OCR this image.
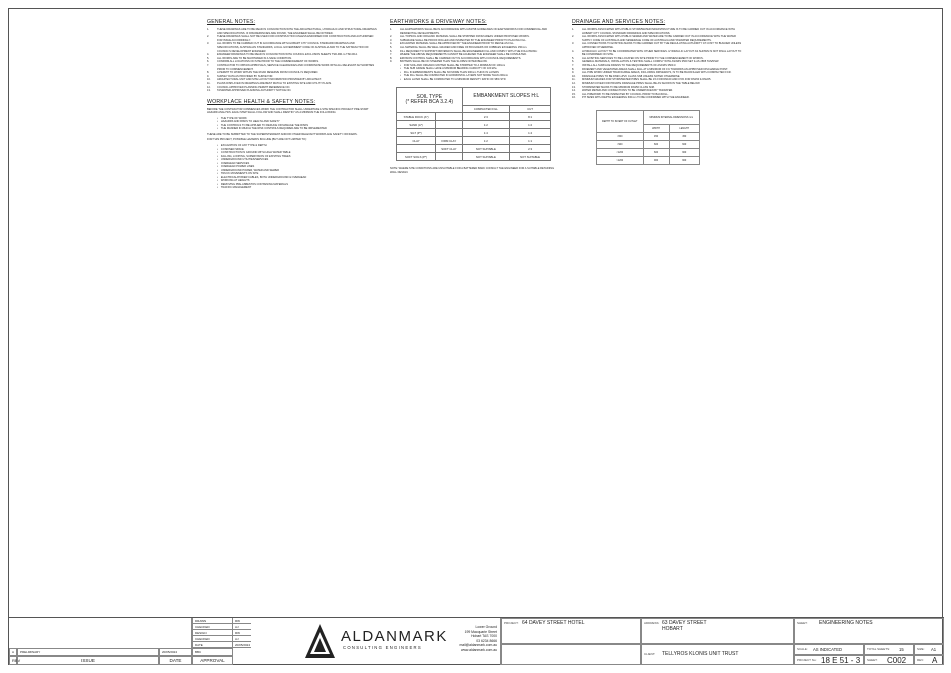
GENERAL NOTES:
1.	THESE DRAWINGS ARE TO BE READ IN CONJUNCTION WITH THE ARCHITECTURAL, HYDRAULIC AND STRUCTURAL DRAWINGS AND SPECIFICATIONS. IF DISCREPANCIES ARE FOUND, THE ENGINEER SHALL BE NOTIFIED.
2.	THESE DRAWINGS SHALL NOT BE USED FOR CONSTRUCTION UNLESS ENDORSED FOR CONSTRUCTION AND AUTHORISED FOR ISSUE ACCORDINGLY.
3.	ALL WORKS TO BE CARRIED OUT IN ACCORDANCE WITH HOBART CITY COUNCIL STANDARD DRAWINGS AND SPECIFICATIONS, AUSTRALIAN STANDARDS, LOCAL GOVERNMENT CODE OF AUSTRALIA AND TO THE SATISFACTION OF COUNCIL'S DEVELOPMENT ENGINEER.
4.	ENGINEER DRAWINGS TO BE READ IN CONJUNCTION WITH COUNCIL EXCLUSION SHEETS TSD-R01 to TSD-R14.
5.	ALL WORKS ARE TO BE MAINTAINED IN A SAFE CONDITION.
6.	CONFIRM ALL LOCATIONS ON SITE PRIOR TO THE COMMENCEMENT OF WORKS.
7.	CONTRACTOR TO OBTAIN APPROVALS, SERVICE CLEARANCES AND COORDINATE WORK WITH ALL RELEVANT AUTHORITIES PRIOR TO COMMENCEMENT.
8.	A PERMIT TO WORK WITHIN THE ROAD RESERVE FROM COUNCIL IS REQUIRED.
9.	SURVEY DATA AS PROVIDED BY SURVEYOR.
10.	ARCHITECTURAL UNIT AND SITE LAYOUT INFORMATION PROVIDED BY ARCHITECT.
11.	PLANS DISPLAYED IN DRAWINGS ARE BEST MATCH TO EXISTING SITE AND UTILITY PLANS.
12.	COUNCIL APPROVED PLANNING PERMIT REFERENCE NO.
13.	TASWATER APPROVED PLANNING AUTHORITY NOTICE NO.
WORKPLACE HEALTH & SAFETY NOTES:

BEFORE THE CONTRACTOR COMMENCES WORK THE CONTRACTOR SHALL UNDERTAKE A SITE SPECIFIC PROJECT PRE-START HAZARD ANALYSIS. EACH STEP SHALL FOLLOW AND SHALL IDENTIFY AS A MINIMUM THE FOLLOWING:

• THE TYPE OF WORK
• HAZARDS AND RISKS TO HEALTH AND SAFETY
• THE CONTROLS TO BE APPLIED TO REDUCE OR MANAGE THE RISKS
• THE MANNER IN WHICH THE RISK CONTROLS REQUIRED ARE TO BE IMPLEMENTED

THESE ARE TO BE SUBMITTED TO THE SUPERINTENDENT AND/OR OTHER RELEVANT WORKPLACE SAFETY OFFICERS.

FOR THIS PROJECT, POSSIBLE HAZARDS INCLUDE (BUT ARE NOT LIMITED TO):

• EXCAVATION OF ANY TYPE & DEPTH
• CONFINED SPACE
• CONSTRUCTION IN GROUND WITH HIGH WATER TABLE
• FALLING, LOOPING, SUPERVISION OF EXISTING TREES
• UNDERGROUND UTILITIES/SERVICES
• OVERHEAD SERVICES
• OVERHEAD POWER LINES
• UNDERGROUND POWER, WATER AND SEWER
• TRUCK MOVEMENTS ON SITE
• ELECTRICAL/POWER CABLES, BOTH UNDERGROUND & OVERHEAD
• WORKING AT HEIGHTS
• REMOVING PRE-ASBESTOS CONTAINING MATERIALS
• TRAFFIC MANAGEMENT
EARTHWORKS & DRIVEWAY NOTES:
1.	ALL EARTHWORKS SHALL BE IN ACCORDANCE WITH AS3798 GUIDELINES ON EARTHWORKS FOR COMMERCIAL AND RESIDENTIAL DEVELOPMENTS.
2.	ALL TOPSOIL AND ORGANIC MATERIAL SHALL BE STRIPPED FROM AREAS UNDER PROPOSED WORKS.
3.	SUBGRADE SHALL BE PROOF ROLLED AND INSPECTED BY THE ENGINEER PRIOR TO PLACING FILL.
4.	EXCAVATED MATERIAL SHALL BE APPROVED BY THE ENGINEER PRIOR TO REUSE AS FILL.
5.	ALL MATERIAL SHALL BE WELL GRADED AND FREE OF BOULDERS OR COBBLES EXCEEDING 150mm.
6.	FILL REQUIRED TO SUPPORT DRIVEWAYS SHALL BE ENGINEERED FILL AND COMPLY WITH THE FOLLOWING:
7.	WHERE THE ABOVE REQUIREMENTS CANNOT BE ACHIEVED THE ENGINEER SHALL BE CONSULTED.
8.	EROSION CONTROL SHALL BE CARRIED OUT IN ACCORDANCE WITH COUNCIL REQUIREMENTS.
9.	BATTERS SHALL BE NO STEEPER THAN THE SLOPES NOTED BELOW.
• FOR SOIL AND ORGANIC MATTER SHALL BE STRIPPED TO A MINIMUM OF 100mm
• THE SUB GRADE SHALL HAVE A MINIMUM BEARING CAPACITY OF 100 kPa
• FILL IN EMBANKMENTS SHALL BE NO MORE THAN 300mm THICK IN LAYERS
• THE FILL SHALL BE COMPACTED IN HORIZONTAL LAYERS NOT MORE THAN 200mm
• EACH LAYER SHALL BE COMPACTED TO A MINIMUM DENSITY RATIO OF 98% STD
SOIL TYPE
(* REFER BCA 3.2.4)		EMBANKMENT SLOPES H:L	
		COMPACTED FILL	CUT
STABLE ROCK (A*)		2:3	8:1
SAND (A*)		1:2	1:2
SILT (P*)		1:4	1:4
CLAY	FIRM CLAY	1:2	1:1
	SOFT CLAY	NOT SUITABLE	2:3
SOFT SOILS (P*)		NOT SUITABLE	NOT SUITABLE

NOTE: WHERE SITE CONDITIONS ARE UNSUITABLE FOR A BATTERED BANK CONSULT THE ENGINEER FOR A SUITABLE RETAINING WALL DESIGN.

DRAINAGE AND SERVICES NOTES:
1.	ALL WORKS ASSOCIATED WITH PUBLIC STORMWATER INFRASTRUCTURE IS TO BE CARRIED OUT IN ACCORDANCE WITH HOBART CITY COUNCIL STANDARD DRAWINGS AND SPECIFICATIONS.
2.	ALL WORKS ASSOCIATED WITH PUBLIC SEWER AND WATER ARE TO BE CARRIED OUT IN ACCORDANCE WITH THE WATER SUPPLY CODE OF AUSTRALIA AND SEWERAGE CODE OF AUSTRALIA AND TASWATER REQUIREMENTS.
3.	ALL CONNECTIONS TO EXISTING MAINS TO BE CARRIED OUT BY THE REGULATING AUTHORITY AT COST TO BUILDER UNLESS APPROVED OTHERWISE.
4.	HYDRAULIC LAYOUT TO BE COORDINATED WITH OTHER SERVICES. HYDRAULIC LAYOUT AS SHOWN IS NOT FINAL LAYOUT TO BE CONFIRMED ON SITE.
5.	ALL EXISTING SERVICES TO BE LOCATED ON SITE PRIOR TO THE COMMENCEMENT OF WORKS.
6.	GENERAL MATERIALS, INSTALLATION & TESTING SHALL COMPLY WITH AS/NZS 3500 SET & AS 2865 TAS/NSW.
7.	INSTALL ALL SURFACE DRAINS TO THE REQUIREMENTS OF AS/NZS 3500.3.
8.	PAVEMENT AND VEGETATED AREAS SHALL FALL AT A MINIMUM OF 1% TOWARDS AN APPROVED DISCHARGE POINT.
9.	ALL PIPE WORK UNDER TRAFFICABLE AREAS, INCLUDING DRIVEWAYS, IS TO BE BACKFILLED WITH COMPACTED FCR.
10.	DRAINAGE PIPES TO BE DN90 uPVC CLASS SN8 UNLESS NOTED OTHERWISE.
11.	MINIMUM GRADES FOR STORMWATER PIPES SHALL BE 1% FOR DN100 AND 0.5% FOR DN150 & DN225.
12.	MINIMUM COVER FOR PRIVATE DRAINAGE PIPES SHALL BE AS SHOWN IN THE TABLE BELOW.
13.	STORMWATER MAINS TO BE MINIMUM DN150 CLASS SN8.
14.	WATER METER AND CONNECTIONS TO BE UNDERTAKEN BY TASWATER.
15.	ALL PIPEWORK TO BE INSPECTED BY COUNCIL PRIOR TO BACKFILL.
16.	PIT SIZES WITH DEPTH EXCEEDING 600mm TO BE CONFIRMED WITH THE ENGINEER.
DEPTH TO INVERT OF OUTLET	MINIMUM INTERNAL DIMENSIONS mm	
	WIDTH	LENGTH
<600	450	450
<900	600	600
<1200	600	900
>1200	900	900
A	PRELIMINARY	20/05/2024	BBC
REV	ISSUE	DATE	APPROVAL
DRAWN	RW
CHECKED	AJ
DESIGN	RW
CHECKED	AJ
DATE	20/05/2024	ALDANMARK
CONSULTING ENGINEERS
Lower Ground
199 Macquarie Street
Hobart TAS 7000
03 6234 8666
mail@aldanmark.com.au
www.aldanmark.com.au
PROJECT: 64 DAVEY STREET HOTEL	ADDRESS: 63 DAVEY STREET
HOBART
CLIENT: TELLYROS KLONIS UNIT TRUST
SHEET: ENGINEERING NOTES
SCALE: AS INDICATED	TOTAL SHEETS: 15	SIZE: A1
PROJECT No: 18 E 51 - 3 SHEET: C002	REV: A
